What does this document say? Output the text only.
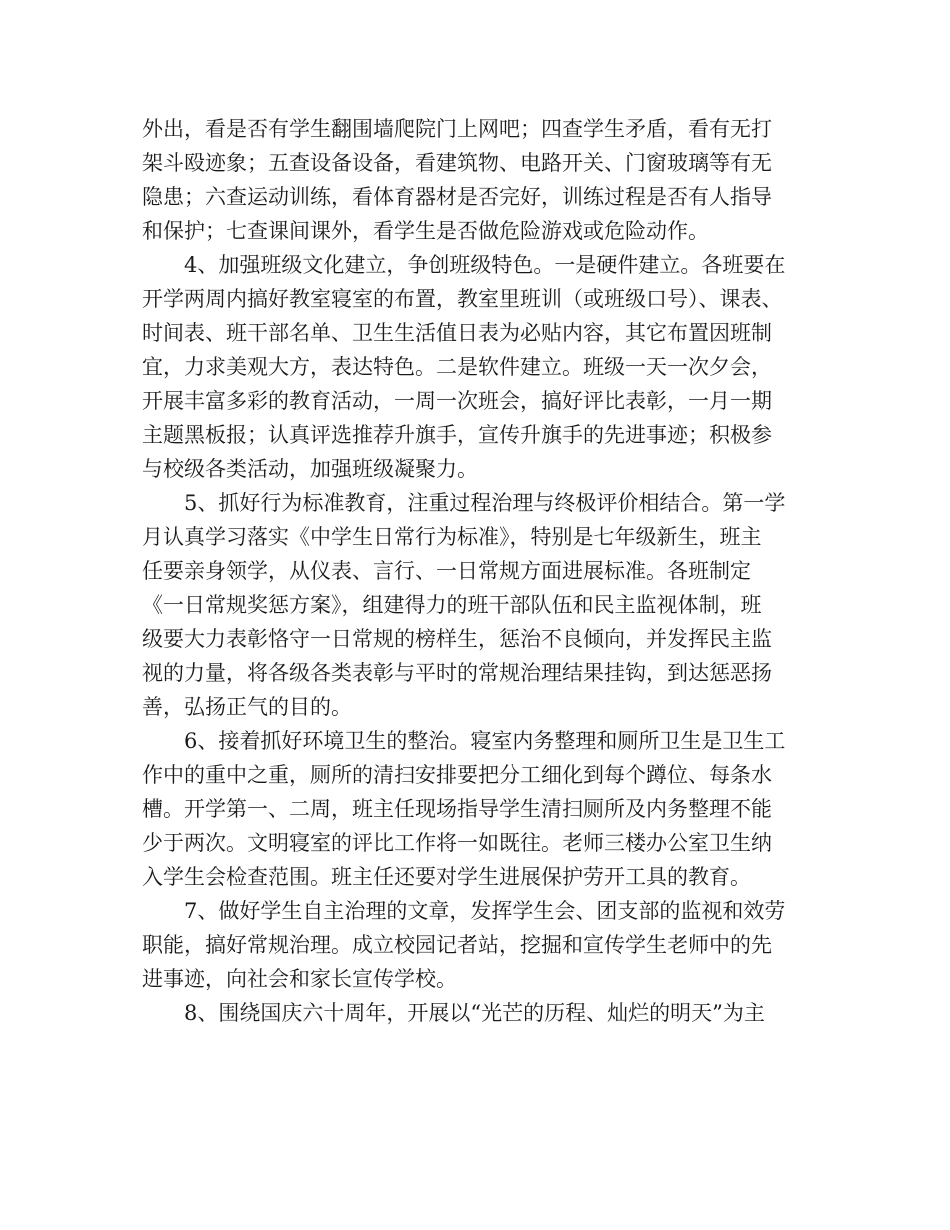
外出，看是否有学生翻围墙爬院门上网吧；四查学生矛盾，看有无打
架斗殴迹象；五查设备设备，看建筑物、电路开关、门窗玻璃等有无
隐患；六查运动训练，看体育器材是否完好，训练过程是否有人指导
和保护；七查课间课外，看学生是否做危险游戏或危险动作。
4、加强班级文化建立，争创班级特色。一是硬件建立。各班要在
开学两周内搞好教室寝室的布置，教室里班训（或班级口号）、课表、
时间表、班干部名单、卫生生活值日表为必贴内容，其它布置因班制
宜，力求美观大方，表达特色。二是软件建立。班级一天一次夕会，
开展丰富多彩的教育活动，一周一次班会，搞好评比表彰，一月一期
主题黑板报；认真评选推荐升旗手，宣传升旗手的先进事迹；积极参
与校级各类活动，加强班级凝聚力。
5、抓好行为标准教育，注重过程治理与终极评价相结合。第一学
月认真学习落实《中学生日常行为标准》，特别是七年级新生，班主
任要亲身领学，从仪表、言行、一日常规方面进展标准。各班制定
《一日常规奖惩方案》，组建得力的班干部队伍和民主监视体制，班
级要大力表彰恪守一日常规的榜样生，惩治不良倾向，并发挥民主监
视的力量，将各级各类表彰与平时的常规治理结果挂钩，到达惩恶扬
善，弘扬正气的目的。
6、接着抓好环境卫生的整治。寝室内务整理和厕所卫生是卫生工
作中的重中之重，厕所的清扫安排要把分工细化到每个蹲位、每条水
槽。开学第一、二周，班主任现场指导学生清扫厕所及内务整理不能
少于两次。文明寝室的评比工作将一如既往。老师三楼办公室卫生纳
入学生会检查范围。班主任还要对学生进展保护劳开工具的教育。
7、做好学生自主治理的文章，发挥学生会、团支部的监视和效劳
职能，搞好常规治理。成立校园记者站，挖掘和宣传学生老师中的先
进事迹，向社会和家长宣传学校。
8、围绕国庆六十周年，开展以“光芒的历程、灿烂的明天”为主
